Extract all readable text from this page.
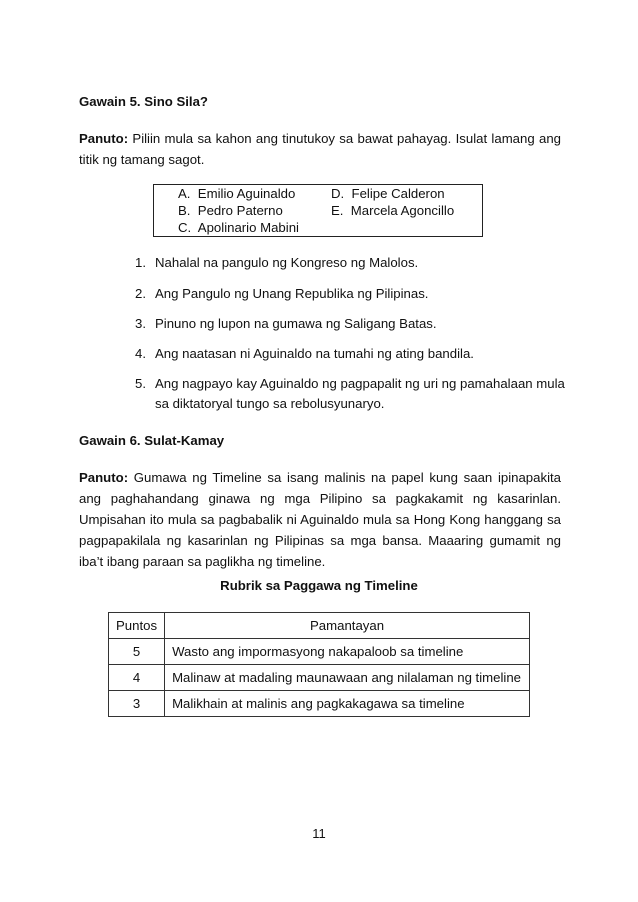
Gawain 5. Sino Sila?
Panuto: Piliin mula sa kahon ang tinutukoy sa bawat pahayag. Isulat lamang ang titik ng tamang sagot.
A. Emilio Aguinaldo
B. Pedro Paterno
C. Apolinario Mabini
D. Felipe Calderon
E. Marcela Agoncillo
1. Nahalal na pangulo ng Kongreso ng Malolos.
2. Ang Pangulo ng Unang Republika ng Pilipinas.
3. Pinuno ng lupon na gumawa ng Saligang Batas.
4. Ang naatasan ni Aguinaldo na tumahi ng ating bandila.
5. Ang nagpayo kay Aguinaldo ng pagpapalit ng uri ng pamahalaan mula sa diktatoryal tungo sa rebolusyunaryo.
Gawain 6. Sulat-Kamay
Panuto: Gumawa ng Timeline sa isang malinis na papel kung saan ipinapakita ang paghahandang ginawa ng mga Pilipino sa pagkakamit ng kasarinlan. Umpisahan ito mula sa pagbabalik ni Aguinaldo mula sa Hong Kong hanggang sa pagpapakilala ng kasarinlan ng Pilipinas sa mga bansa. Maaaring gumamit ng iba’t ibang paraan sa paglikha ng timeline.
Rubrik sa Paggawa ng Timeline
Puntos	Pamantayan
5	Wasto ang impormasyong nakapaloob sa timeline
4	Malinaw at madaling maunawaan ang nilalaman ng timeline
3	Malikhain at malinis ang pagkakagawa sa timeline
11
